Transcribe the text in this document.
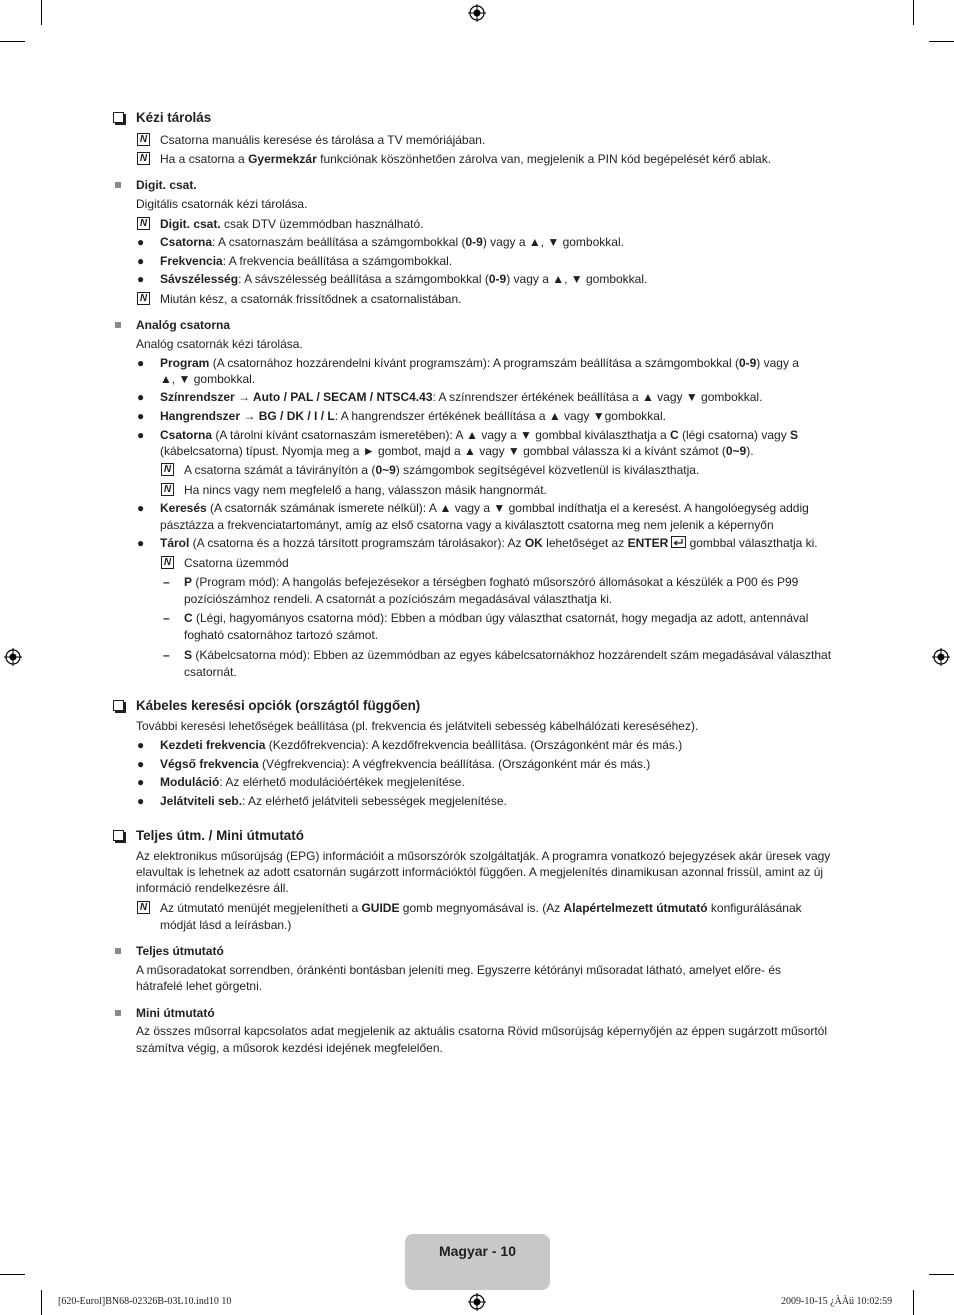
Kézi tárolás
N Csatorna manuális keresése és tárolása a TV memóriájában.
N Ha a csatorna a Gyermekzár funkciónak köszönhetően zárolva van, megjelenik a PIN kód begépelését kérő ablak.
Digit. csat.
Digitális csatornák kézi tárolása.
N Digit. csat. csak DTV üzemmódban használható.
● Csatorna: A csatornaszám beállítása a számgombokkal (0-9) vagy a ▲, ▼ gombokkal.
● Frekvencia: A frekvencia beállítása a számgombokkal.
● Sávszélesség: A sávszélesség beállítása a számgombokkal (0-9) vagy a ▲, ▼ gombokkal.
N Miután kész, a csatornák frissítődnek a csatornalistában.
Analóg csatorna
Analóg csatornák kézi tárolása.
● Program (A csatornához hozzárendelni kívánt programszám): A programszám beállítása a számgombokkal (0-9) vagy a
▲, ▼ gombokkal.
● Színrendszer → Auto / PAL / SECAM / NTSC4.43: A színrendszer értékének beállítása a ▲ vagy ▼ gombokkal.
● Hangrendszer → BG / DK / I / L: A hangrendszer értékének beállítása a ▲ vagy ▼gombokkal.
● Csatorna (A tárolni kívánt csatornaszám ismeretében): A ▲ vagy a ▼ gombbal kiválaszthatja a C (légi csatorna) vagy S
(kábelcsatorna) típust. Nyomja meg a ► gombot, majd a ▲ vagy ▼ gombbal válassza ki a kívánt számot (0~9).
N A csatorna számát a távirányítón a (0~9) számgombok segítségével közvetlenül is kiválaszthatja.
N Ha nincs vagy nem megfelelő a hang, válasszon másik hangnormát.
● Keresés (A csatornák számának ismerete nélkül): A ▲ vagy a ▼ gombbal indíthatja el a keresést. A hangolóegység addig
pásztázza a frekvenciatartományt, amíg az első csatorna vagy a kiválasztott csatorna meg nem jelenik a képernyőn
● Tárol (A csatorna és a hozzá társított programszám tárolásakor): Az OK lehetőséget az ENTER gombbal választhatja ki.
N Csatorna üzemmód
– P (Program mód): A hangolás befejezésekor a térségben fogható műsorszóró állomásokat a készülék a P00 és P99
pozíciószámhoz rendeli. A csatornát a pozíciószám megadásával választhatja ki.
– C (Légi, hagyományos csatorna mód): Ebben a módban úgy választhat csatornát, hogy megadja az adott, antennával
fogható csatornához tartozó számot.
– S (Kábelcsatorna mód): Ebben az üzemmódban az egyes kábelcsatornákhoz hozzárendelt szám megadásával választhat
csatornát.
Kábeles keresési opciók (országtól függően)
További keresési lehetőségek beállítása (pl. frekvencia és jelátviteli sebesség kábelhálózati kereséséhez).
● Kezdeti frekvencia (Kezdőfrekvencia): A kezdőfrekvencia beállítása. (Országonként már és más.)
● Végső frekvencia (Végfrekvencia): A végfrekvencia beállítása. (Országonként már és más.)
● Moduláció: Az elérhető modulációértékek megjelenítése.
● Jelátviteli seb.: Az elérhető jelátviteli sebességek megjelenítése.
Teljes útm. / Mini útmutató
Az elektronikus műsorújság (EPG) információit a műsorszórók szolgáltatják. A programra vonatkozó bejegyzések akár üresek vagy
elavultak is lehetnek az adott csatornán sugárzott információktól függően. A megjelenítés dinamikusan azonnal frissül, amint az új
információ rendelkezésre áll.
N Az útmutató menüjét megjelenítheti a GUIDE gomb megnyomásával is. (Az Alapértelmezett útmutató konfigurálásának
módját lásd a leírásban.)
Teljes útmutató
A műsoradatokat sorrendben, óránkénti bontásban jeleníti meg. Egyszerre kétórányi műsoradat látható, amelyet előre- és
hátrafelé lehet görgetni.
Mini útmutató
Az összes műsorral kapcsolatos adat megjelenik az aktuális csatorna Rövid műsorújság képernyőjén az éppen sugárzott műsortól
számítva végig, a műsorok kezdési idejének megfelelően.
Magyar - 10
[620-Eurol]BN68-02326B-03L10.ind10 10	2009-10-15 ¿ÀÀü 10:02:59
